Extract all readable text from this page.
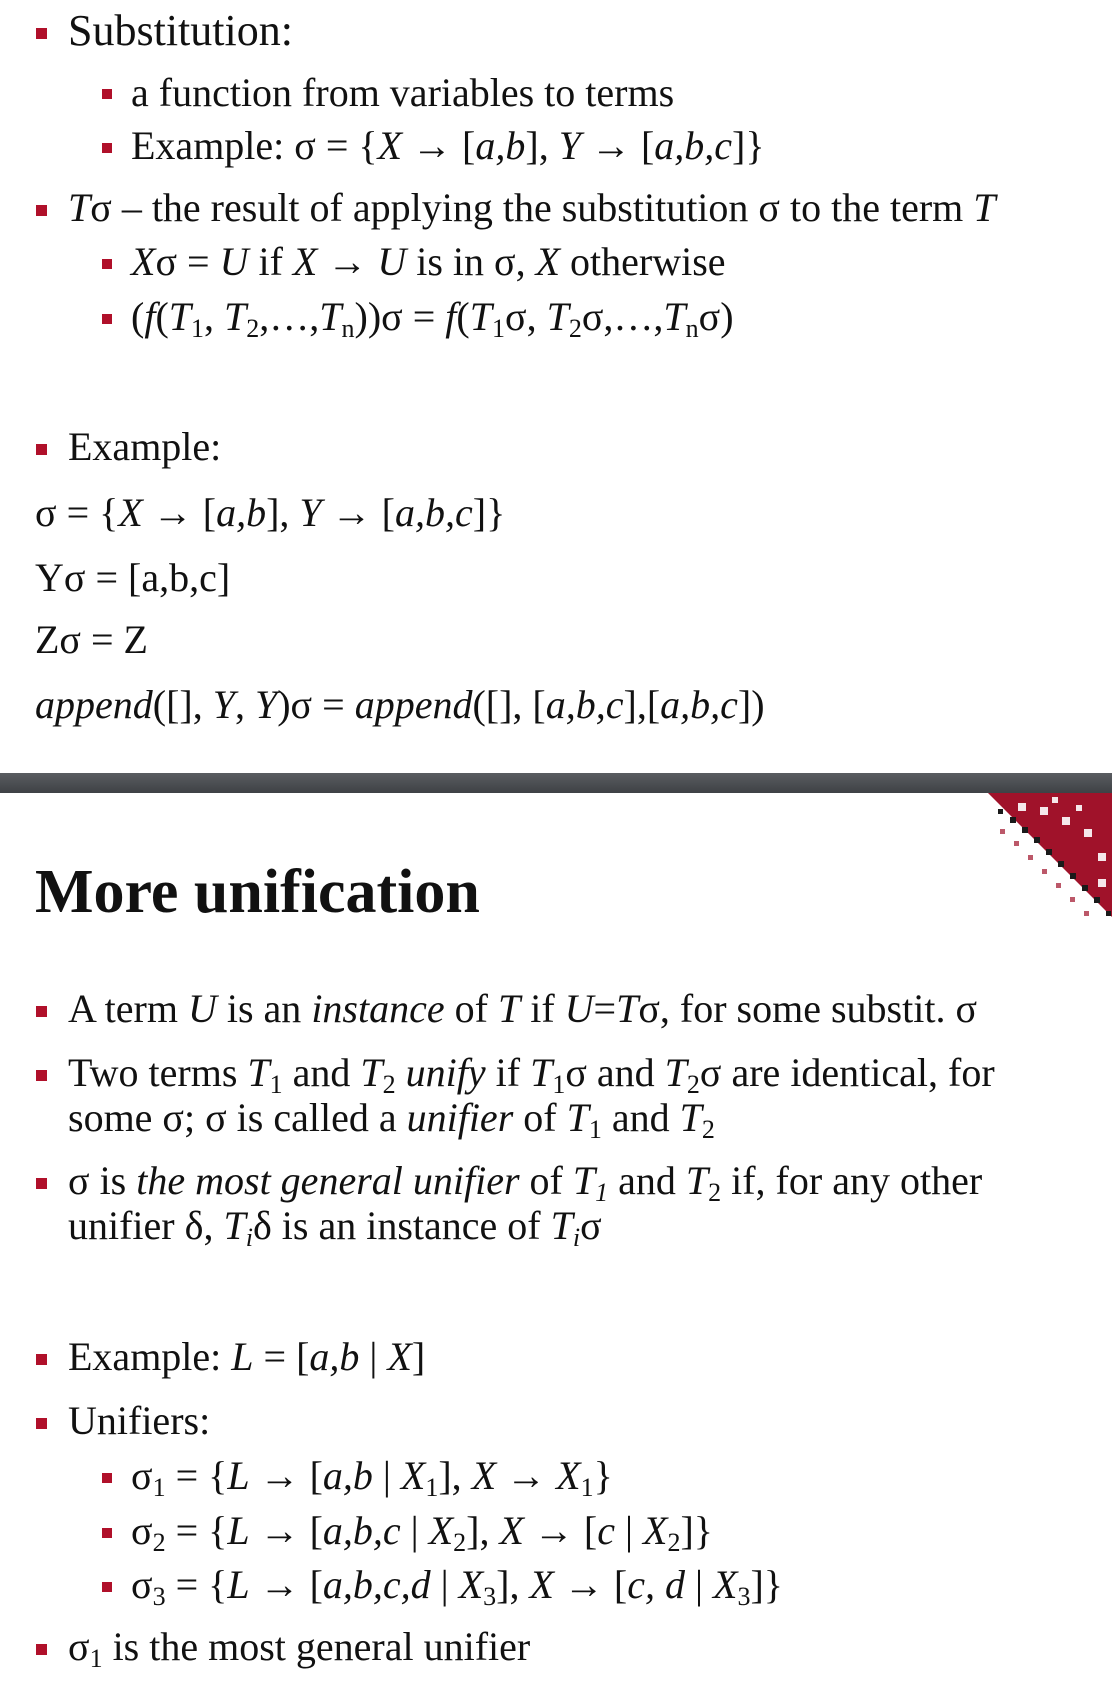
Substitution:
a function from variables to terms
Example: σ = {X → [a,b], Y → [a,b,c]}
Tσ – the result of applying the substitution σ to the term T
Xσ = U if X → U is in σ, X otherwise
($f(T_1$, $T_2,\dots,T_n))\sigma = f(T_1\sigma$, $T_2\sigma,\dots,T_n\sigma$)
Example:
σ = {X → [a,b], Y → [a,b,c]}
Yσ = [a,b,c]
Zσ = Z
append([], Y, Y)σ = append([], [a,b,c],[a,b,c])
More unification
A term U is an instance of T if U=Tσ, for some substit. σ
Two terms $T_1$ and $T_2$ unify if $T_1\sigma$ and $T_2\sigma$ are identical, for
some σ; σ is called a unifier of $T_1$ and $T_2$
σ is the most general unifier of $T_1$ and $T_2$ if, for any other
unifier δ, $T_i\delta$ is an instance of $T_i\sigma$
Example: L = [a,b | X]
Unifiers:
$\sigma_1 = \{L \to [a,b$ | $X_1$], $X \to X_1$}
$\sigma_2 = \{L \to [a,b,c$ | $X_2$], X → [c | $X_2$]}
$\sigma_3 = \{L \to [a,b,c,d$ | $X_3$], X → [c, d | $X_3$]}
$\sigma_1$ is the most general unifier
